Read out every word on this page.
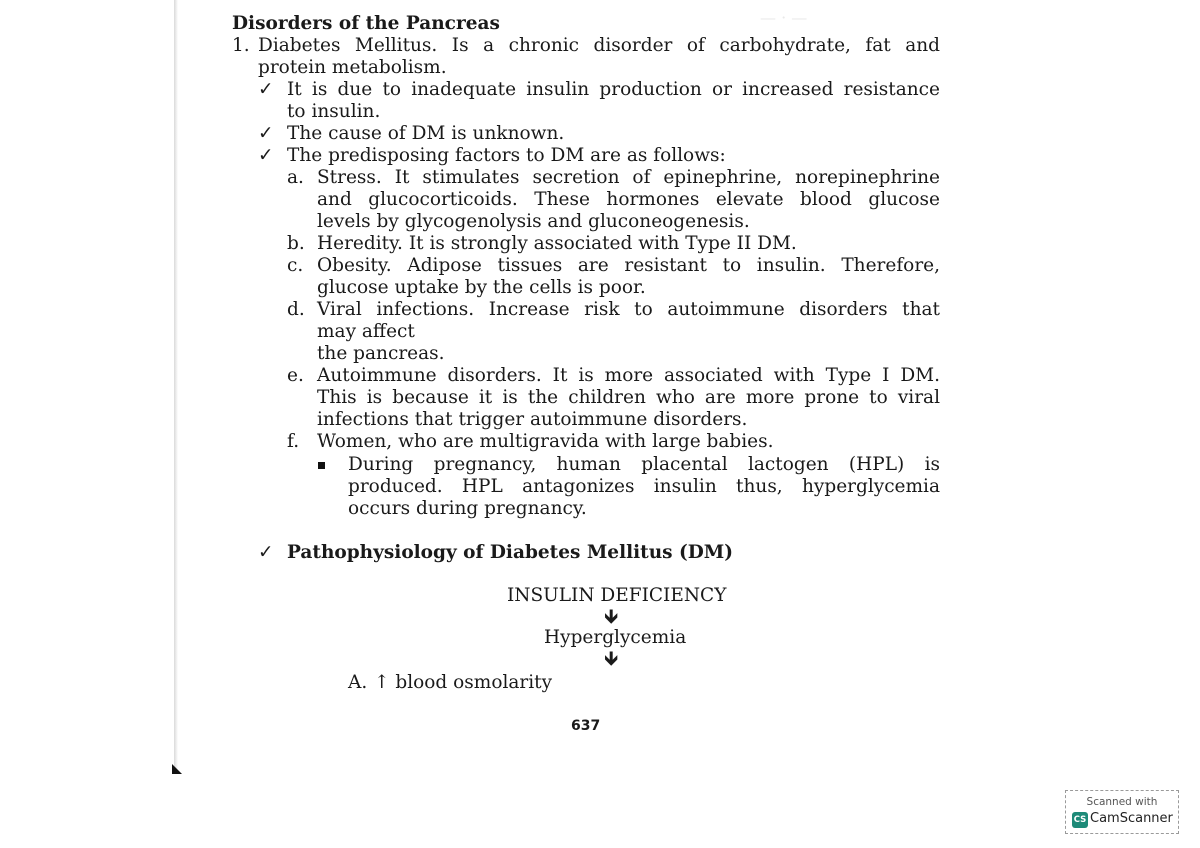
— · —
Disorders of the Pancreas
1. Diabetes Mellitus. Is a chronic disorder of carbohydrate, fat and
protein metabolism.
✓ It is due to inadequate insulin production or increased resistance
to insulin.
✓ The cause of DM is unknown.
✓ The predisposing factors to DM are as follows:
a. Stress. It stimulates secretion of epinephrine, norepinephrine
and glucocorticoids. These hormones elevate blood glucose
levels by glycogenolysis and gluconeogenesis.
b. Heredity. It is strongly associated with Type II DM.
c. Obesity. Adipose tissues are resistant to insulin. Therefore,
glucose uptake by the cells is poor.
d. Viral infections. Increase risk to autoimmune disorders that
may affect
the pancreas.
e. Autoimmune disorders. It is more associated with Type I DM.
This is because it is the children who are more prone to viral
infections that trigger autoimmune disorders.
f. Women, who are multigravida with large babies.
During pregnancy, human placental lactogen (HPL) is
produced. HPL antagonizes insulin thus, hyperglycemia
occurs during pregnancy.
✓ Pathophysiology of Diabetes Mellitus (DM)
INSULIN DEFICIENCY
🡻
Hyperglycemia
🡻
A. ↑ blood osmolarity
637
Scanned with
CS CamScanner
